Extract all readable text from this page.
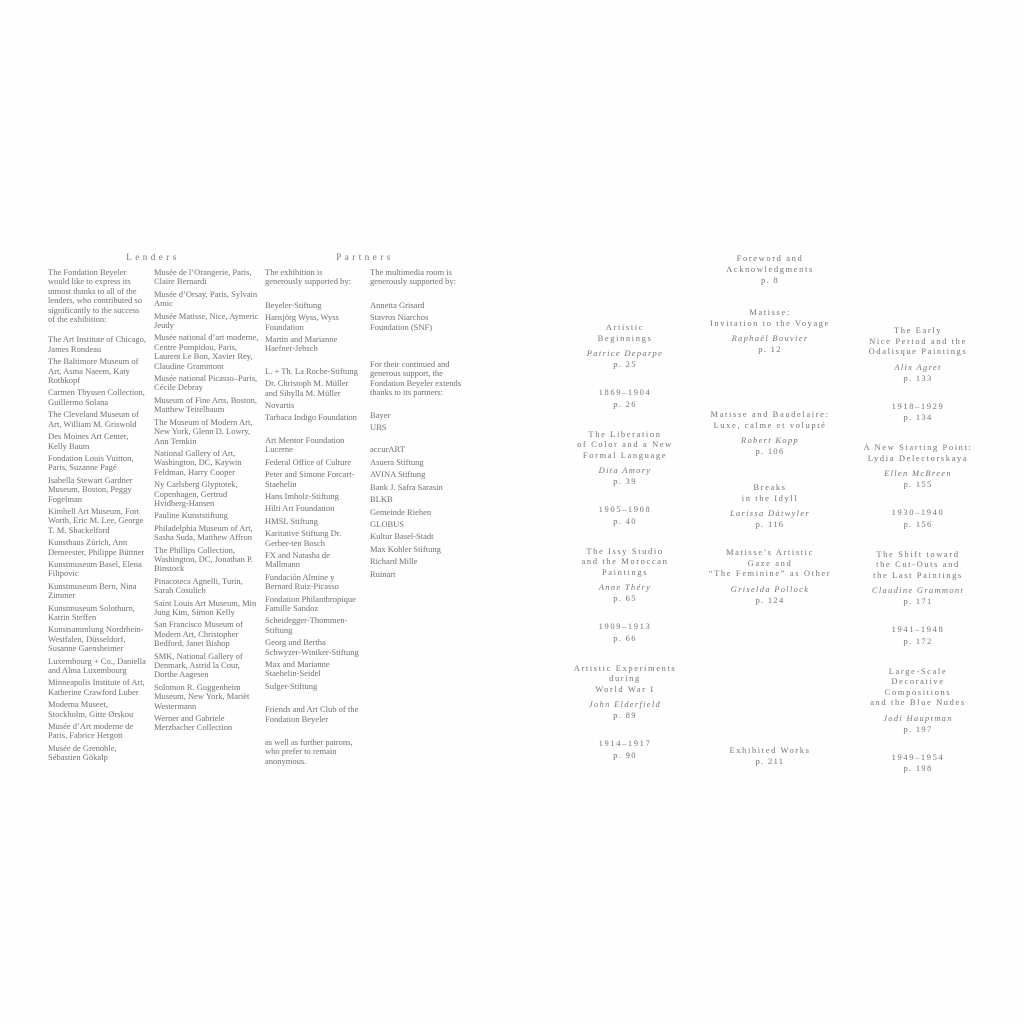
Lenders

The Fondation Beyeler would like to express its utmost thanks to all of the lenders, who contributed so significantly to the success of the exhibition:

The Art Institute of Chicago, James Rondeau

The Baltimore Museum of Art, Asma Naeem, Katy Rothkopf

Carmen Thyssen Collection, Guillermo Solana

The Cleveland Museum of Art, William M. Griswold

Des Moines Art Center, Kelly Baum

Fondation Louis Vuitton, Paris, Suzanne Pagé

Isabella Stewart Gardner Museum, Boston, Peggy Fogelman

Kimbell Art Museum, Fort Worth, Eric M. Lee, George T. M. Shackelford

Kunsthaus Zürich, Ann Demeester, Philippe Büttner

Kunstmuseum Basel, Elena Filipovic

Kunstmuseum Bern, Nina Zimmer

Kunstmuseum Solothurn, Katrin Steffen

Kunstsammlung Nordrhein-Westfalen, Düsseldorf, Susanne Gaensheimer

Luxembourg + Co., Daniella and Alma Luxembourg

Minneapolis Institute of Art, Katherine Crawford Luber

Moderna Museet, Stockholm, Gitte Ørskou

Musée d’Art moderne de Paris, Fabrice Hergott

Musée de Grenoble, Sébastien Gökalp

Musée de l’Orangerie, Paris, Claire Bernardi

Musée d’Orsay, Paris, Sylvain Amic

Musée Matisse, Nice, Aymeric Jeudy

Musée national d’art moderne, Centre Pompidou, Paris, Laurent Le Bon, Xavier Rey, Claudine Grammont

Musée national Picasso–Paris, Cécile Debray

Museum of Fine Arts, Boston, Matthew Teitelbaum

The Museum of Modern Art, New York, Glenn D. Lowry, Ann Temkin

National Gallery of Art, Washington, DC, Kaywin Feldman, Harry Cooper

Ny Carlsberg Glyptotek, Copenhagen, Gertrud Hvidberg-Hansen

Pauline Kunststiftung

Philadelphia Museum of Art, Sasha Suda, Matthew Affron

The Phillips Collection, Washington, DC, Jonathan P. Binstock

Pinacoteca Agnelli, Turin, Sarah Cosulich

Saint Louis Art Museum, Min Jung Kim, Simon Kelly

San Francisco Museum of Modern Art, Christopher Bedford, Janet Bishop

SMK, National Gallery of Denmark, Astrid la Cour, Dorthe Aagesen

Solomon R. Guggenheim Museum, New York, Mariët Westermann

Werner and Gabriele Merzbacher Collection

Partners

The exhibition is generously supported by:

Beyeler-Stiftung

Hansjörg Wyss, Wyss Foundation

Martin and Marianne Haefner-Jebsch

L. + Th. La Roche-Stiftung

Dr. Christoph M. Müller and Sibylla M. Müller

Novartis

Tarbaca Indigo Foundation

Art Mentor Foundation Lucerne

Federal Office of Culture

Peter and Simone Forcart-Staehelin

Hans Imholz-Stiftung

Hilti Art Foundation

HMSL Stiftung

Karitative Stiftung Dr. Gerber-ten Bosch

FX and Natasha de Mallmann

Fundación Almine y Bernard Ruiz-Picasso

Fondation Philanthropique Famille Sandoz

Scheidegger-Thommen-Stiftung

Georg und Bertha Schwyzer-Winiker-Stiftung

Max and Marianne Staehelin-Seidel

Sulger-Stiftung

Friends and Art Club of the Fondation Beyeler

as well as further patrons, who prefer to remain anonymous.

The multimedia room is generously supported by:

Annetta Grisard

Stavros Niarchos Foundation (SNF)

For their continued and generous support, the Fondation Beyeler extends thanks to its partners:

Bayer

UBS

accurART

Asuera Stiftung

AVINA Stiftung

Bank J. Safra Sarasin

BLKB

Gemeinde Riehen

GLOBUS

Kultur Basel-Stadt

Max Kohler Stiftung

Richard Mille

Ruinart

Artistic
Beginnings
Patrice Deparpe
p. 25
1869–1904
p. 26
The Liberation
of Color and a New
Formal Language
Dita Amory
p. 39
1905–1908
p. 40
The Issy Studio
and the Moroccan
Paintings
Anne Théry
p. 65
1909–1913
p. 66
Artistic Experiments
during
World War I
John Elderfield
p. 89
1914–1917
p. 90
Foreword and
Acknowledgments
p. 8
Matisse:
Invitation to the Voyage
Raphaël Bouvier
p. 12
Matisse and Baudelaire:
Luxe, calme et volupté
Robert Kopp
p. 106
Breaks
in the Idyll
Larissa Dätwyler
p. 116
Matisse’s Artistic
Gaze and
“The Feminine” as Other
Griselda Pollock
p. 124
Exhibited Works
p. 211
The Early
Nice Period and the
Odalisque Paintings
Alix Agret
p. 133
1918–1929
p. 134
A New Starting Point:
Lydia Delectorskaya
Ellen McBreen
p. 155
1930–1940
p. 156
The Shift toward
the Cut-Outs and
the Last Paintings
Claudine Grammont
p. 171
1941–1948
p. 172
Large-Scale
Decorative
Compositions
and the Blue Nudes
Jodi Hauptman
p. 197
1949–1954
p. 198
